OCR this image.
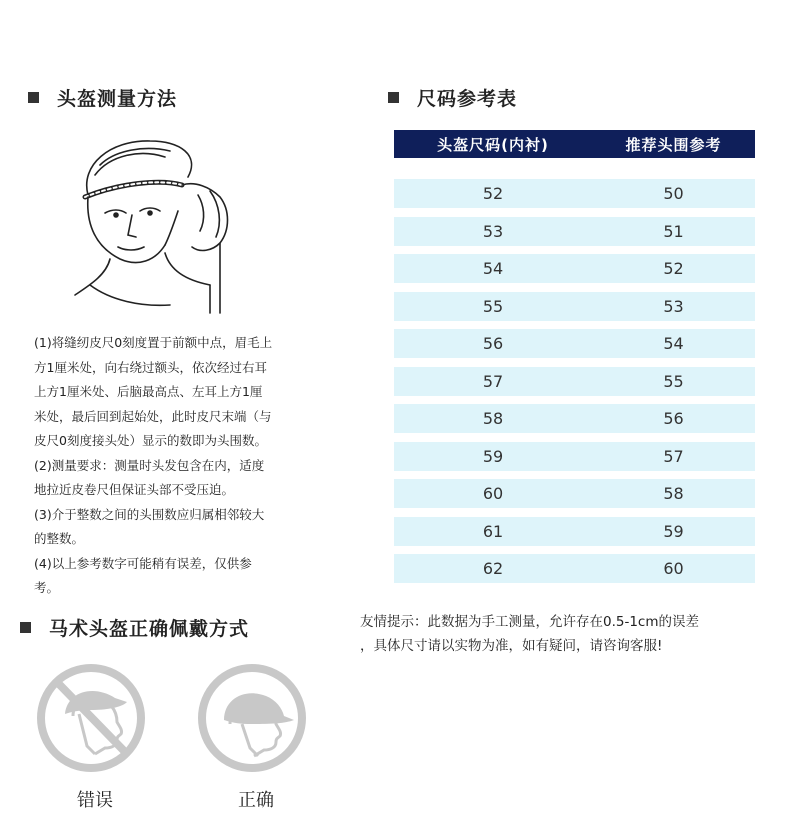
头盔测量方法

(1)将缝纫皮尺0刻度置于前额中点，眉毛上

方1厘米处，向右绕过额头，依次经过右耳

上方1厘米处、后脑最高点、左耳上方1厘

米处，最后回到起始处，此时皮尺末端（与

皮尺0刻度接头处）显示的数即为头围数。

(2)测量要求：测量时头发包含在内，适度

地拉近皮卷尺但保证头部不受压迫。

(3)介于整数之间的头围数应归属相邻较大

的整数。

(4)以上参考数字可能稍有误差，仅供参

考。

尺码参考表
头盔尺码(内衬)	推荐头围参考
52	50
53	51
54	52
55	53
56	54
57	55
58	56
59	57
60	58
61	59
62	60
友情提示：此数据为手工测量，允许存在0.5-1cm的误差
，具体尺寸请以实物为准，如有疑问，请咨询客服!
马术头盔正确佩戴方式
错误	正确
